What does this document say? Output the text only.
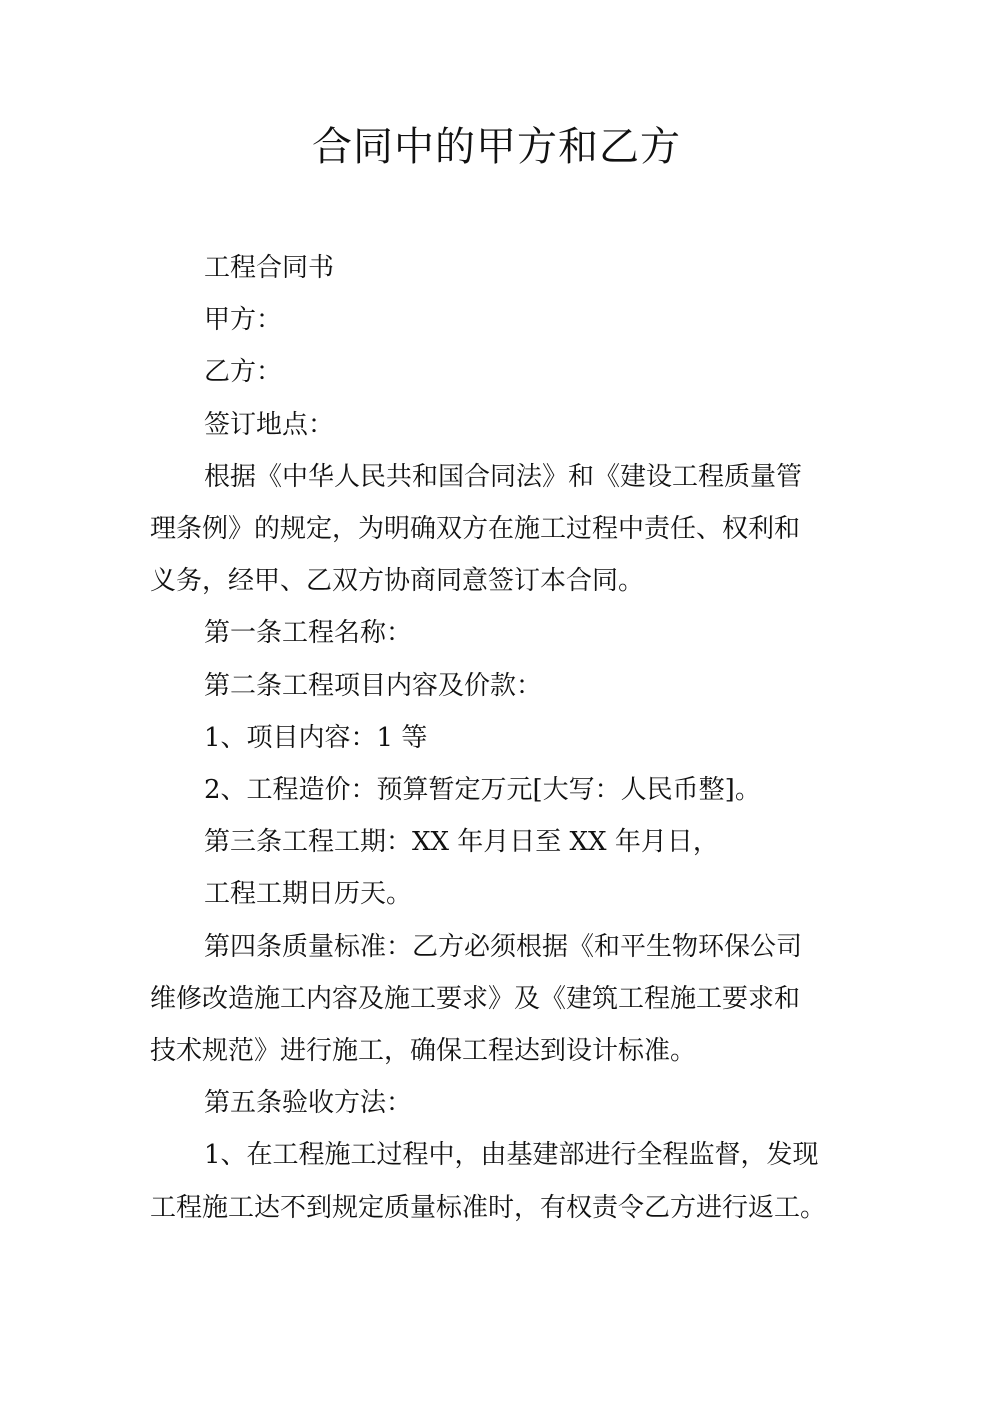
合同中的甲方和乙方

工程合同书

甲方：

乙方：

签订地点：

根据《中华人民共和国合同法》和《建设工程质量管
理条例》的规定，为明确双方在施工过程中责任、权利和
义务，经甲、乙双方协商同意签订本合同。

第一条工程名称：

第二条工程项目内容及价款：

1、项目内容：1 等

2、工程造价：预算暂定万元[大写：人民币整]。

第三条工程工期：XX 年月日至 XX 年月日，

工程工期日历天。

第四条质量标准：乙方必须根据《和平生物环保公司
维修改造施工内容及施工要求》及《建筑工程施工要求和
技术规范》进行施工，确保工程达到设计标准。

第五条验收方法：

1、在工程施工过程中，由基建部进行全程监督，发现
工程施工达不到规定质量标准时，有权责令乙方进行返工。
